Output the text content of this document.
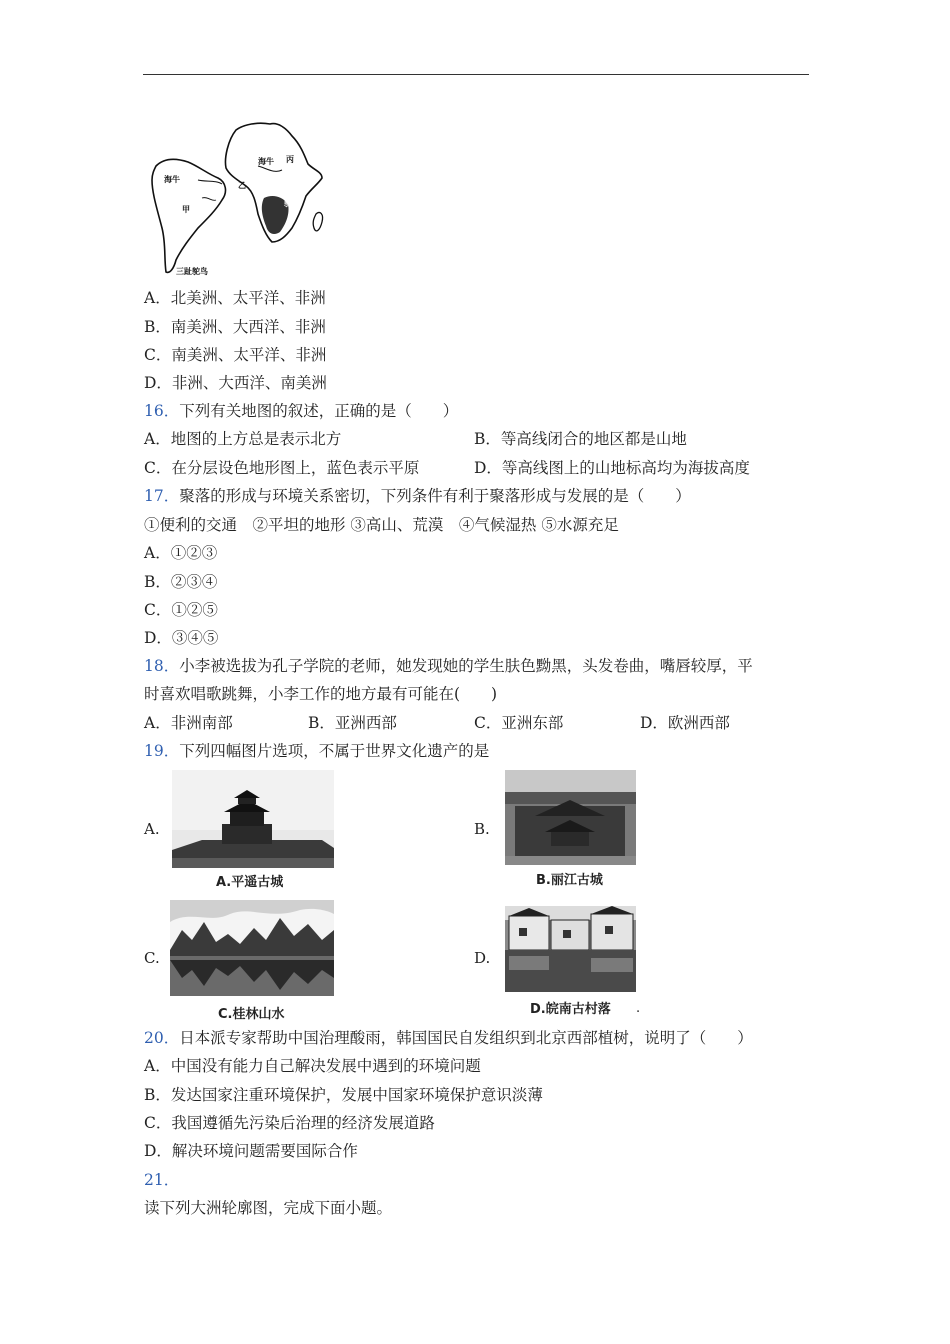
海牛
甲
海牛 丙
乙
鸵鸟
三趾鸵鸟
A．北美洲、太平洋、非洲
B．南美洲、大西洋、非洲
C．南美洲、太平洋、非洲
D．非洲、大西洋、南美洲
16．下列有关地图的叙述，正确的是（　　）
A．地图的上方总是表示北方	B．等高线闭合的地区都是山地
C．在分层设色地形图上，蓝色表示平原	D．等高线图上的山地标高均为海拔高度
17．聚落的形成与环境关系密切，下列条件有利于聚落形成与发展的是（　　）
①便利的交通　②平坦的地形 ③高山、荒漠　④气候湿热 ⑤水源充足
A．①②③
B．②③④
C．①②⑤
D．③④⑤
18．小李被选拔为孔子学院的老师，她发现她的学生肤色黝黑，头发卷曲，嘴唇较厚，平
时喜欢唱歌跳舞，小李工作的地方最有可能在(　　)
A．非洲南部	B．亚洲西部	C．亚洲东部	D．欧洲西部
19．下列四幅图片选项，不属于世界文化遗产的是
A.
A.平遥古城
B.
B.丽江古城
C.
C.桂林山水
D.
D.皖南古村落 .
20．日本派专家帮助中国治理酸雨，韩国国民自发组织到北京西部植树，说明了（　　）
A．中国没有能力自己解决发展中遇到的环境问题
B．发达国家注重环境保护，发展中国家环境保护意识淡薄
C．我国遵循先污染后治理的经济发展道路
D．解决环境问题需要国际合作
21．
读下列大洲轮廓图，完成下面小题。
